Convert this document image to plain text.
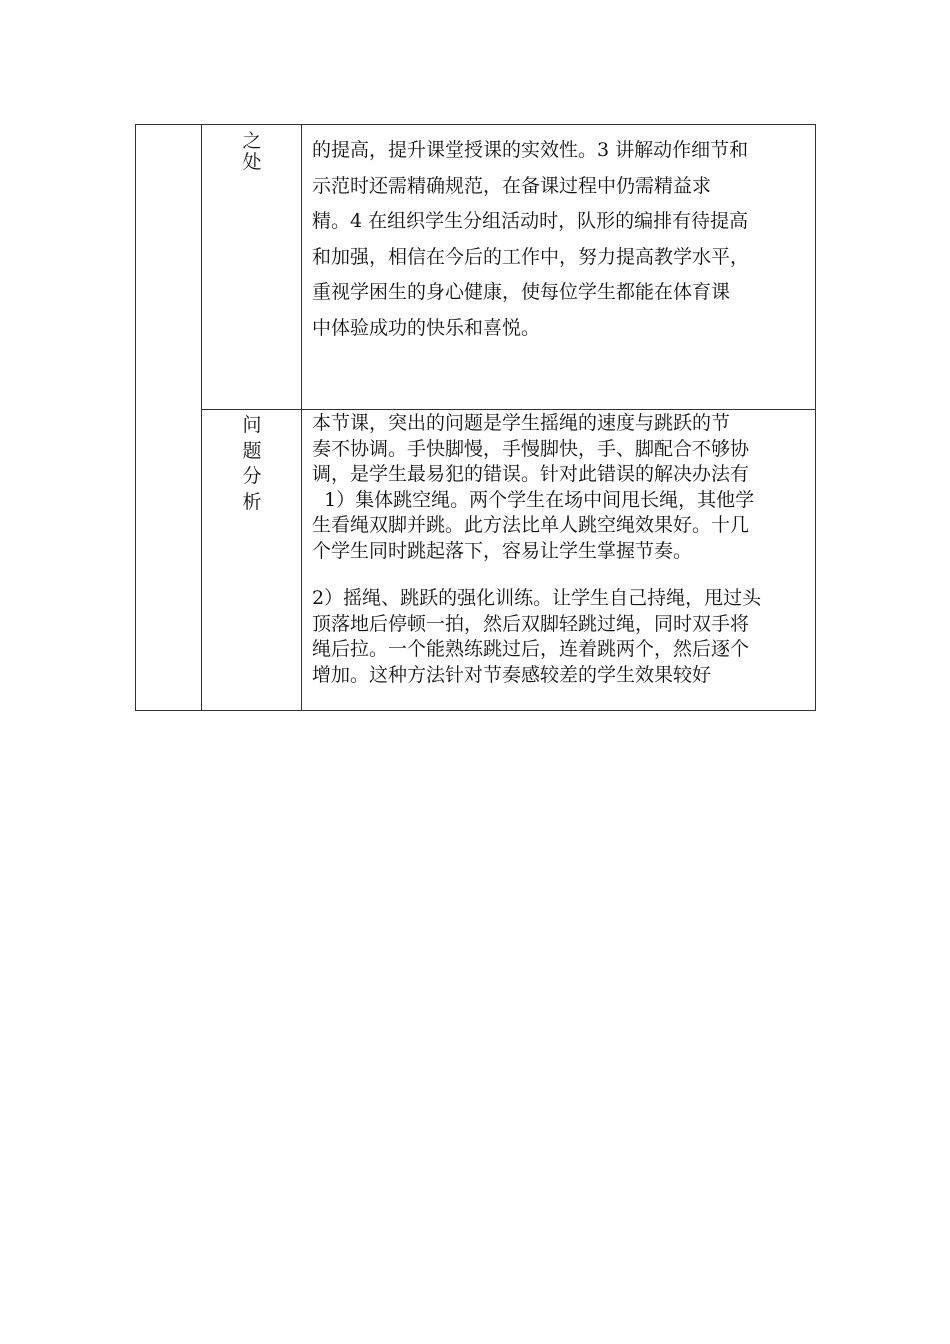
之
处
的提高，提升课堂授课的实效性。3 讲解动作细节和
示范时还需精确规范，在备课过程中仍需精益求
精。4 在组织学生分组活动时，队形的编排有待提高
和加强，相信在今后的工作中，努力提高教学水平，
重视学困生的身心健康，使每位学生都能在体育课
中体验成功的快乐和喜悦。
问
题
分
析

本节课，突出的问题是学生摇绳的速度与跳跃的节

奏不协调。手快脚慢，手慢脚快，手、脚配合不够协

调，是学生最易犯的错误。针对此错误的解决办法有

1）集体跳空绳。两个学生在场中间甩长绳，其他学

生看绳双脚并跳。此方法比单人跳空绳效果好。十几

个学生同时跳起落下，容易让学生掌握节奏。

2）摇绳、跳跃的强化训练。让学生自己持绳，甩过头

顶落地后停顿一拍，然后双脚轻跳过绳，同时双手将

绳后拉。一个能熟练跳过后，连着跳两个，然后逐个

增加。这种方法针对节奏感较差的学生效果较好
